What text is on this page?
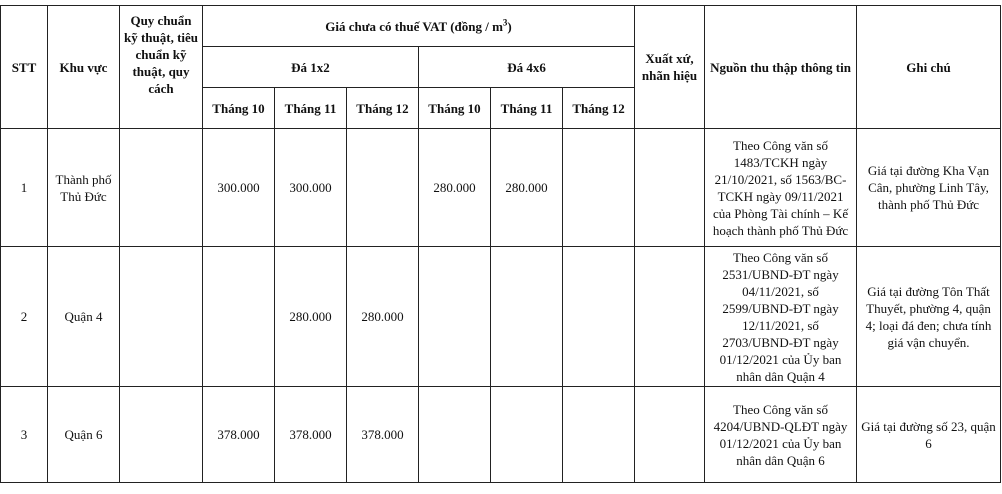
STT	Khu vực	Quy chuẩn kỹ thuật, tiêu chuẩn kỹ thuật, quy cách	Giá chưa có thuế VAT (đồng / $m^3$)						Xuất xứ, nhãn hiệu	Nguồn thu thập thông tin	Ghi chú
			Đá 1x2			Đá 4x6					
			Tháng 10	Tháng 11	Tháng 12	Tháng 10	Tháng 11	Tháng 12			
1	Thành phố Thủ Đức		300.000	300.000		280.000	280.000			Theo Công văn số 1483/TCKH ngày 21/10/2021, số 1563/BC-TCKH ngày 09/11/2021 của Phòng Tài chính – Kế hoạch thành phố Thủ Đức	Giá tại đường Kha Vạn Cân, phường Linh Tây, thành phố Thủ Đức
2	Quận 4			280.000	280.000					Theo Công văn số 2531/UBND-ĐT ngày 04/11/2021, số 2599/UBND-ĐT ngày 12/11/2021, số 2703/UBND-ĐT ngày 01/12/2021 của Ủy ban nhân dân Quận 4	Giá tại đường Tôn Thất Thuyết, phường 4, quận 4; loại đá đen; chưa tính giá vận chuyển.
3	Quận 6		378.000	378.000	378.000					Theo Công văn số 4204/UBND-QLĐT ngày 01/12/2021 của Ủy ban nhân dân Quận 6	Giá tại đường số 23, quận 6
